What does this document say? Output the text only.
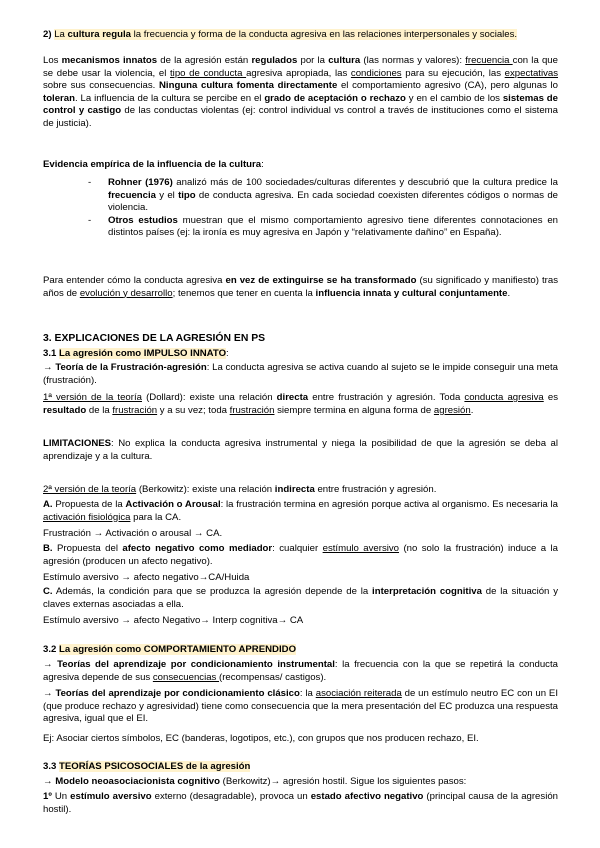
2) La cultura regula la frecuencia y forma de la conducta agresiva en las relaciones interpersonales y sociales.

Los mecanismos innatos de la agresión están regulados por la cultura (las normas y valores): frecuencia con la que se debe usar la violencia, el tipo de conducta agresiva apropiada, las condiciones para su ejecución, las expectativas sobre sus consecuencias. Ninguna cultura fomenta directamente el comportamiento agresivo (CA), pero algunas lo toleran. La influencia de la cultura se percibe en el grado de aceptación o rechazo y en el cambio de los sistemas de control y castigo de las conductas violentas (ej: control individual vs control a través de instituciones como el sistema de justicia).

Evidencia empírica de la influencia de la cultura:

- Rohner (1976) analizó más de 100 sociedades/culturas diferentes y descubrió que la cultura predice la frecuencia y el tipo de conducta agresiva. En cada sociedad coexisten diferentes códigos o normas de violencia.
- Otros estudios muestran que el mismo comportamiento agresivo tiene diferentes connotaciones en distintos países (ej: la ironía es muy agresiva en Japón y “relativamente dañino” en España).

Para entender cómo la conducta agresiva en vez de extinguirse se ha transformado (su significado y manifiesto) tras años de evolución y desarrollo; tenemos que tener en cuenta la influencia innata y cultural conjuntamente.

3. EXPLICACIONES DE LA AGRESIÓN EN PS

3.1 La agresión como IMPULSO INNATO:

→ Teoría de la Frustración-agresión: La conducta agresiva se activa cuando al sujeto se le impide conseguir una meta (frustración).

1ª versión de la teoría (Dollard): existe una relación directa entre frustración y agresión. Toda conducta agresiva es resultado de la frustración y a su vez; toda frustración siempre termina en alguna forma de agresión.

LIMITACIONES: No explica la conducta agresiva instrumental y niega la posibilidad de que la agresión se deba al aprendizaje y a la cultura.

2ª versión de la teoría (Berkowitz): existe una relación indirecta entre frustración y agresión.

A. Propuesta de la Activación o Arousal: la frustración termina en agresión porque activa al organismo. Es necesaria la activación fisiológica para la CA.

Frustración → Activación o arousal → CA.

B. Propuesta del afecto negativo como mediador: cualquier estímulo aversivo (no solo la frustración) induce a la agresión (producen un afecto negativo).

Estímulo aversivo → afecto negativo→CA/Huida

C. Además, la condición para que se produzca la agresión depende de la interpretación cognitiva de la situación y claves externas asociadas a ella.

Estímulo aversivo → afecto Negativo→ Interp cognitiva→ CA

3.2 La agresión como COMPORTAMIENTO APRENDIDO

→ Teorías del aprendizaje por condicionamiento instrumental: la frecuencia con la que se repetirá la conducta agresiva depende de sus consecuencias (recompensas/ castigos).

→ Teorías del aprendizaje por condicionamiento clásico: la asociación reiterada de un estímulo neutro EC con un EI (que produce rechazo y agresividad) tiene como consecuencia que la mera presentación del EC produzca una respuesta agresiva, igual que el EI.

Ej: Asociar ciertos símbolos, EC (banderas, logotipos, etc.), con grupos que nos producen rechazo, EI.

3.3 TEORÍAS PSICOSOCIALES de la agresión

→ Modelo neoasociacionista cognitivo (Berkowitz)→ agresión hostil. Sigue los siguientes pasos:

1º Un estímulo aversivo externo (desagradable), provoca un estado afectivo negativo (principal causa de la agresión hostil).
